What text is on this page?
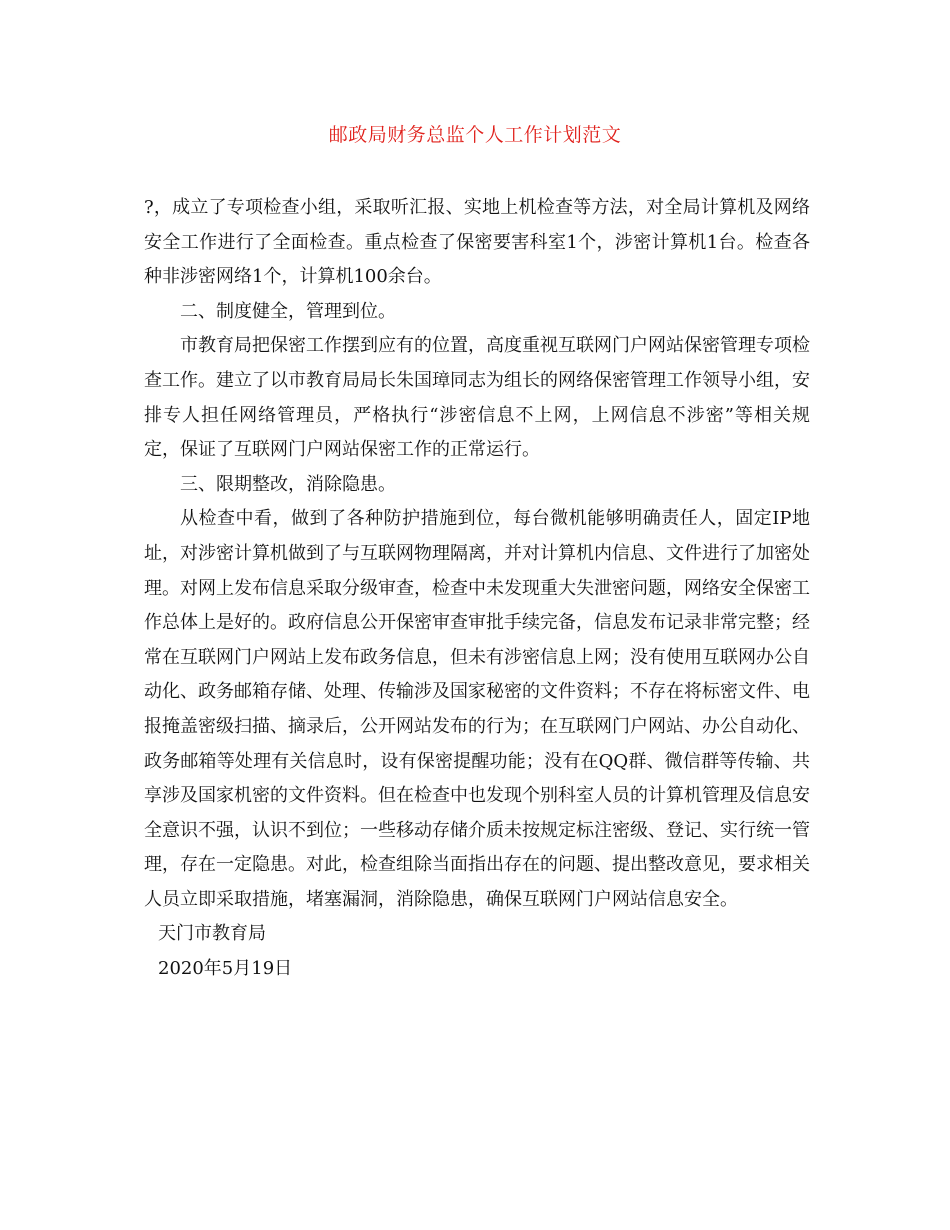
邮政局财务总监个人工作计划范文

?，成立了专项检查小组，采取听汇报、实地上机检查等方法，对全局计算机及网络安全工作进行了全面检查。重点检查了保密要害科室1个，涉密计算机1台。检查各种非涉密网络1个，计算机100余台。

二、制度健全，管理到位。

市教育局把保密工作摆到应有的位置，高度重视互联网门户网站保密管理专项检查工作。建立了以市教育局局长朱国璋同志为组长的网络保密管理工作领导小组，安排专人担任网络管理员，严格执行“涉密信息不上网，上网信息不涉密”等相关规定，保证了互联网门户网站保密工作的正常运行。

三、限期整改，消除隐患。

从检查中看，做到了各种防护措施到位，每台微机能够明确责任人，固定IP地址，对涉密计算机做到了与互联网物理隔离，并对计算机内信息、文件进行了加密处理。对网上发布信息采取分级审查，检查中未发现重大失泄密问题，网络安全保密工作总体上是好的。政府信息公开保密审查审批手续完备，信息发布记录非常完整；经常在互联网门户网站上发布政务信息，但未有涉密信息上网；没有使用互联网办公自动化、政务邮箱存储、处理、传输涉及国家秘密的文件资料；不存在将标密文件、电报掩盖密级扫描、摘录后，公开网站发布的行为；在互联网门户网站、办公自动化、政务邮箱等处理有关信息时，设有保密提醒功能；没有在QQ群、微信群等传输、共享涉及国家机密的文件资料。但在检查中也发现个别科室人员的计算机管理及信息安全意识不强，认识不到位；一些移动存储介质未按规定标注密级、登记、实行统一管理，存在一定隐患。对此，检查组除当面指出存在的问题、提出整改意见，要求相关人员立即采取措施，堵塞漏洞，消除隐患，确保互联网门户网站信息安全。

天门市教育局

2020年5月19日
